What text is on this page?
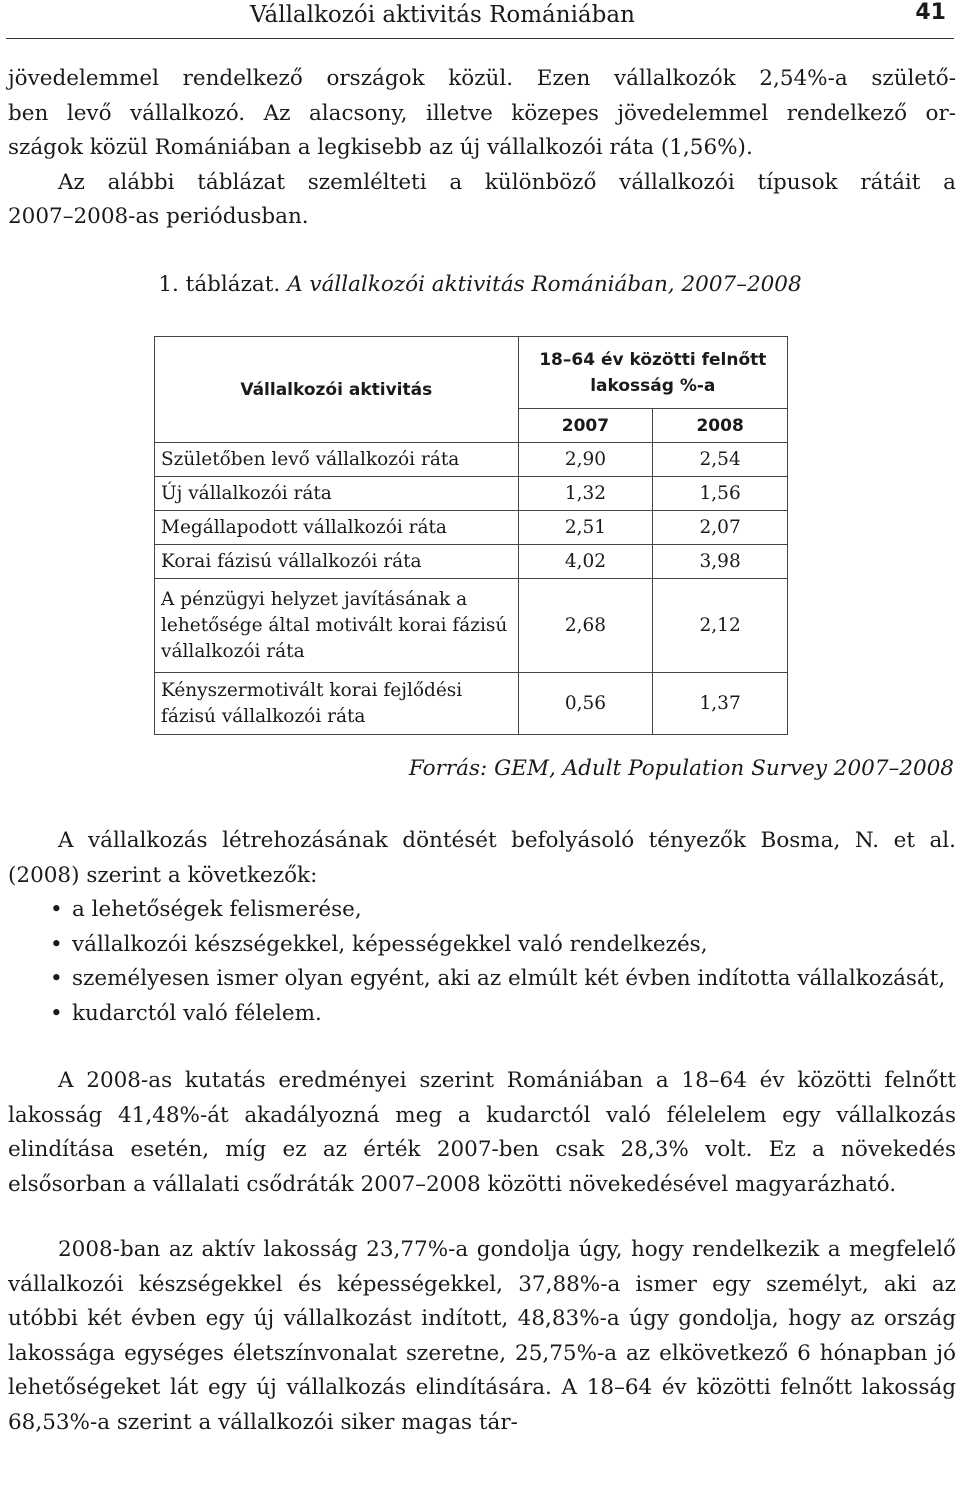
Vállalkozói aktivitás Romániában	41
jövedelemmel rendelkező országok közül. Ezen vállalkozók 2,54%-a születő-
ben levő vállalkozó. Az alacsony, illetve közepes jövedelemmel rendelkező or-
szágok közül Romániában a legkisebb az új vállalkozói ráta (1,56%).
Az alábbi táblázat szemlélteti a különböző vállalkozói típusok rátáit a
2007–2008-as periódusban.
1. táblázat. A vállalkozói aktivitás Romániában, 2007–2008
Vállalkozói aktivitás	18–64 év közötti felnőtt lakosság %-a	
	2007	2008
Születőben levő vállalkozói ráta	2,90	2,54
Új vállalkozói ráta	1,32	1,56
Megállapodott vállalkozói ráta	2,51	2,07
Korai fázisú vállalkozói ráta	4,02	3,98
A pénzügyi helyzet javításának a lehetősége által motivált korai fázisú vállalkozói ráta	2,68	2,12
Kényszermotivált korai fejlődési fázisú vállalkozói ráta	0,56	1,37
Forrás: GEM, Adult Population Survey 2007–2008

A vállalkozás létrehozásának döntését befolyásoló tényezők Bosma, N. et al. (2008) szerint a következők:

• a lehetőségek felismerése,
• vállalkozói készségekkel, képességekkel való rendelkezés,
• személyesen ismer olyan egyént, aki az elmúlt két évben indította vállalkozását,
• kudarctól való félelem.

A 2008-as kutatás eredményei szerint Romániában a 18–64 év közötti felnőtt lakosság 41,48%-át akadályozná meg a kudarctól való félelelem egy vállalkozás elindítása esetén, míg ez az érték 2007-ben csak 28,3% volt. Ez a növekedés elsősorban a vállalati csődráták 2007–2008 közötti növekedésével magyarázható.

2008-ban az aktív lakosság 23,77%-a gondolja úgy, hogy rendelkezik a megfelelő vállalkozói készségekkel és képességekkel, 37,88%-a ismer egy személyt, aki az utóbbi két évben egy új vállalkozást indított, 48,83%-a úgy gondolja, hogy az ország lakossága egységes életszínvonalat szeretne, 25,75%-a az elkövetkező 6 hónapban jó lehetőségeket lát egy új vállalkozás elindítására. A 18–64 év közötti felnőtt lakosság 68,53%-a szerint a vállalkozói siker magas tár-
